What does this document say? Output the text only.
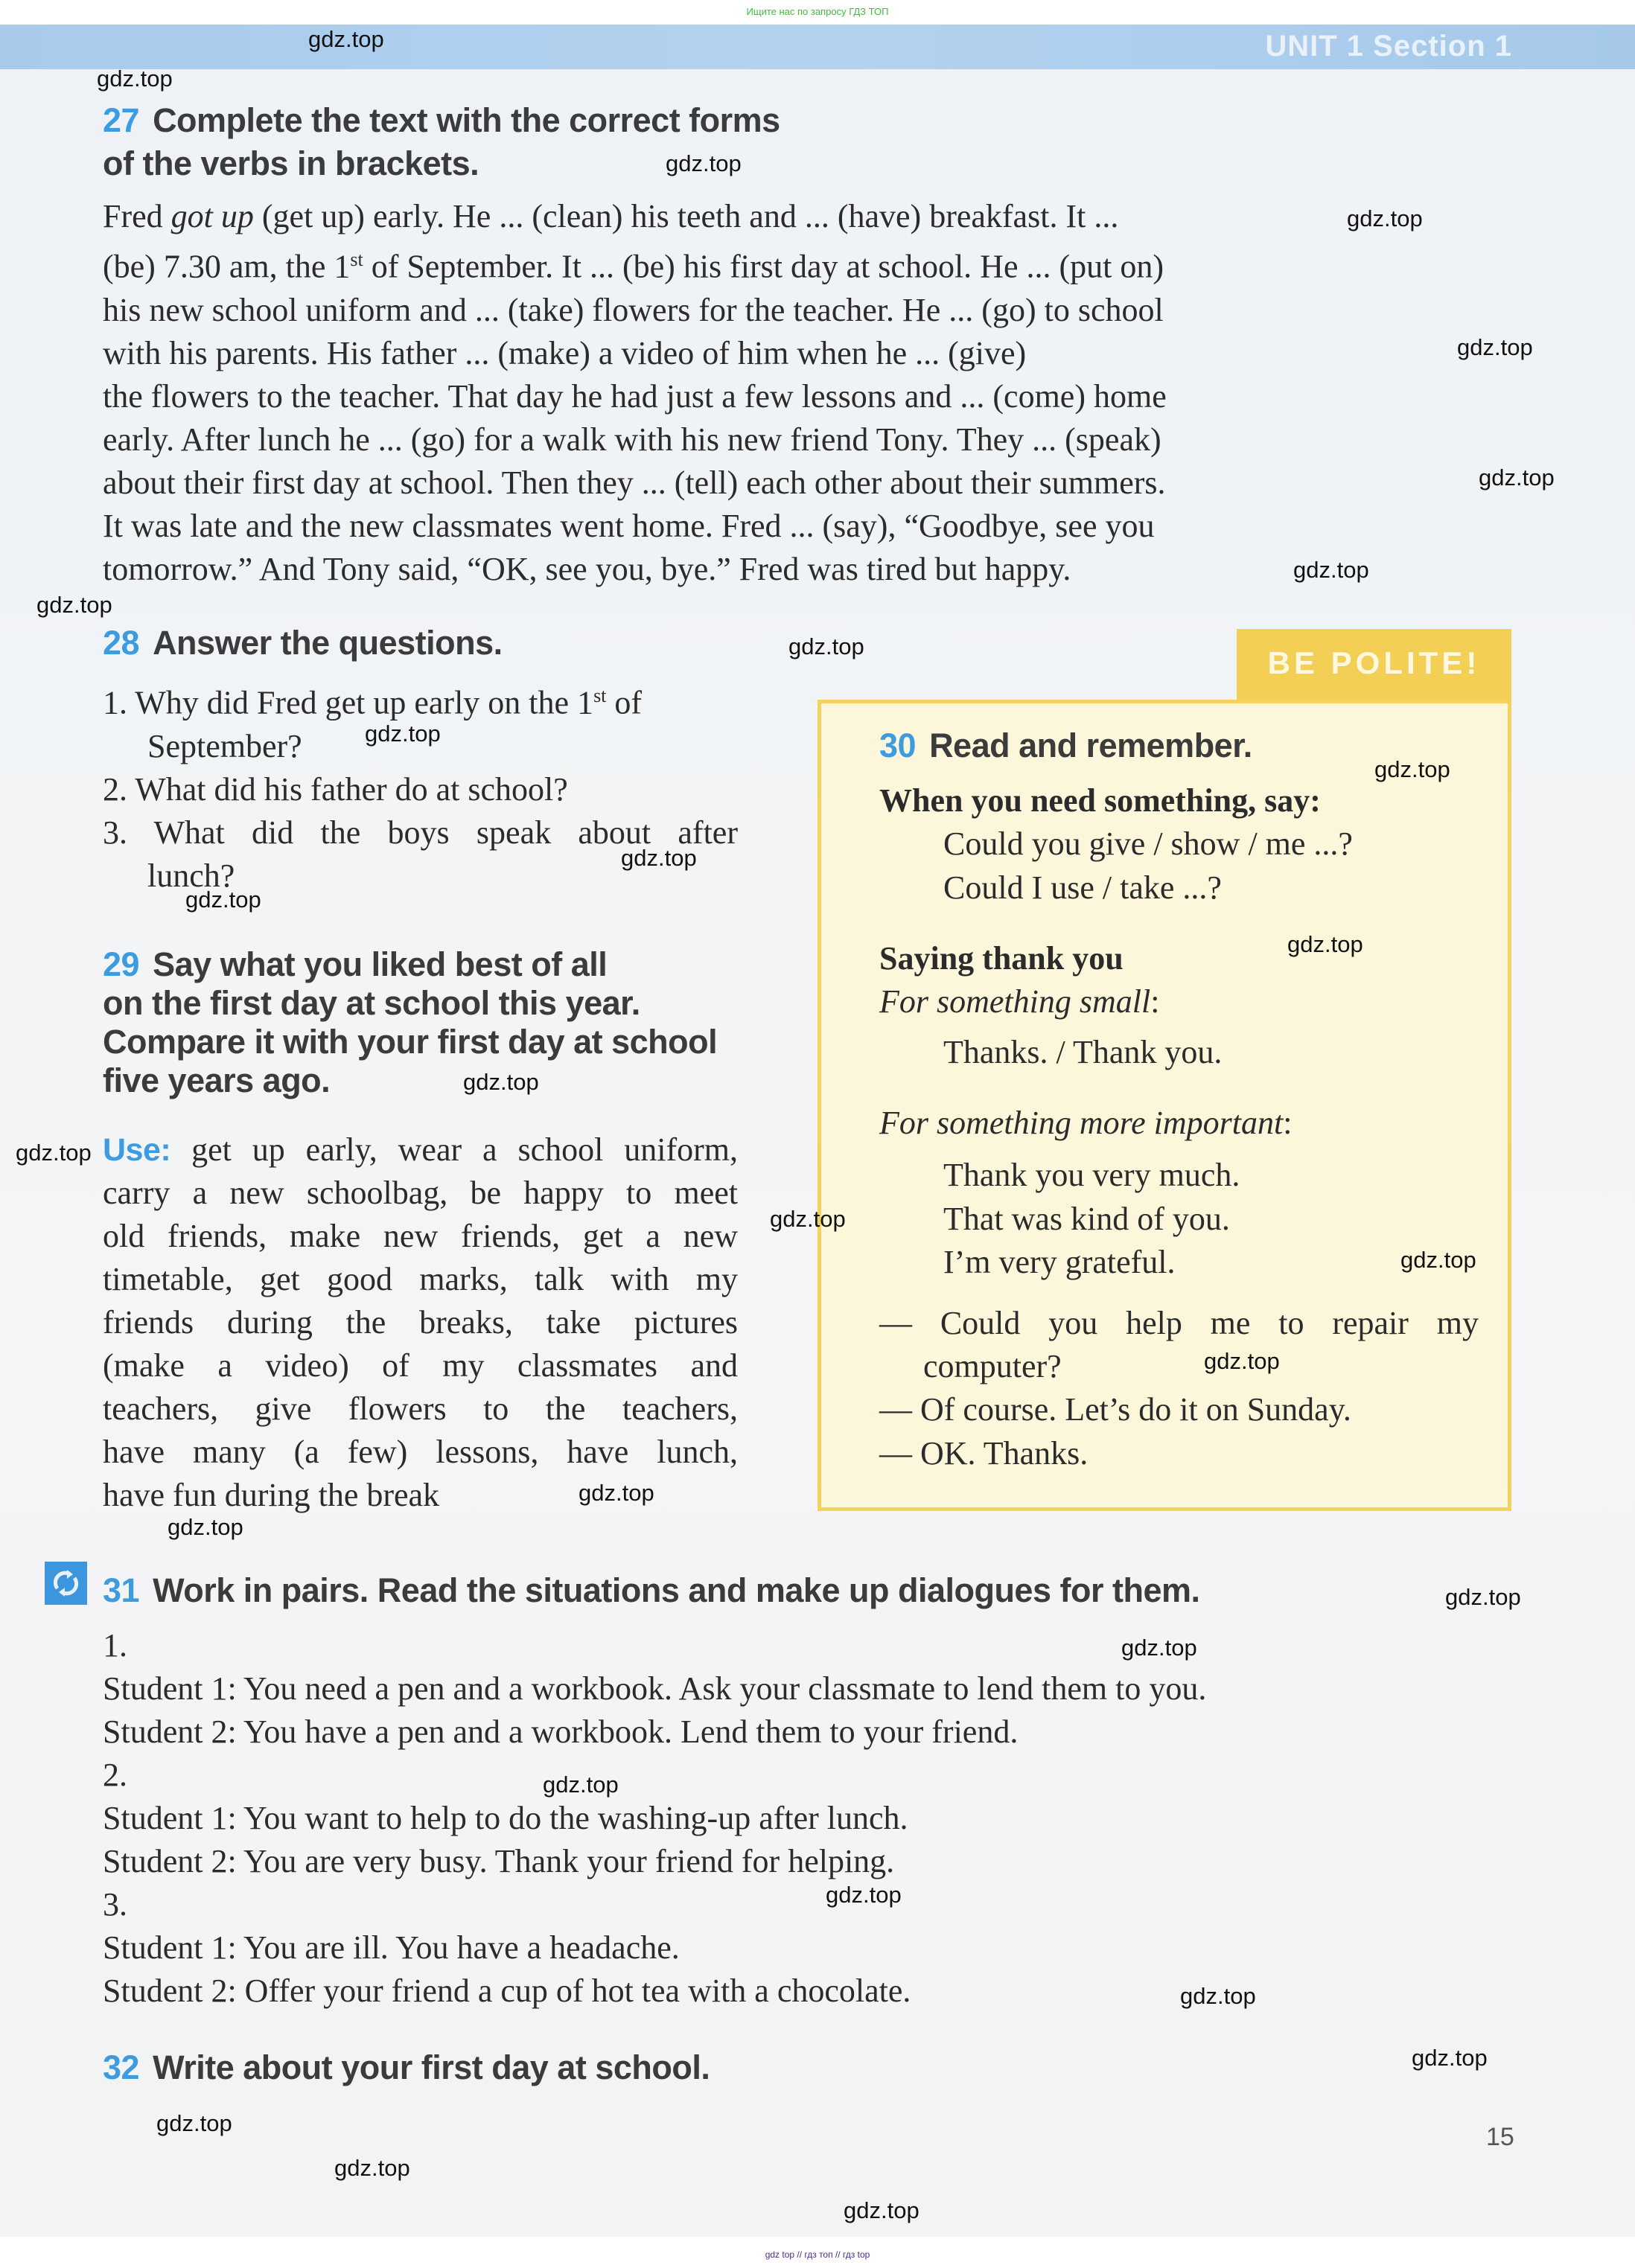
Ищите нас по запросу ГДЗ ТОП
UNIT 1 Section 1
27 Complete the text with the correct forms
of the verbs in brackets.
Fred got up (get up) early. He ... (clean) his teeth and ... (have) breakfast. It ...
(be) 7.30 am, the 1st of September. It ... (be) his first day at school. He ... (put on)
his new school uniform and ... (take) flowers for the teacher. He ... (go) to school
with his parents. His father ... (make) a video of him when he ... (give)
the flowers to the teacher. That day he had just a few lessons and ... (come) home
early. After lunch he ... (go) for a walk with his new friend Tony. They ... (speak)
about their first day at school. Then they ... (tell) each other about their summers.
It was late and the new classmates went home. Fred ... (say), “Goodbye, see you
tomorrow.” And Tony said, “OK, see you, bye.” Fred was tired but happy.
28 Answer the questions.
1. Why did Fred get up early on the 1st of
September?
2. What did his father do at school?
3. What did the boys speak about after
lunch?
29 Say what you liked best of all
on the first day at school this year.
Compare it with your first day at school
five years ago.
Use: get up early, wear a school uniform,
carry a new schoolbag, be happy to meet
old friends, make new friends, get a new
timetable, get good marks, talk with my
friends during the breaks, take pictures
(make a video) of my classmates and
teachers, give flowers to the teachers,
have many (a few) lessons, have lunch,
have fun during the break
BE POLITE!
30 Read and remember.
When you need something, say:
Could you give / show / me ...?
Could I use / take ...?
Saying thank you
For something small:
Thanks. / Thank you.
For something more important:
Thank you very much.
That was kind of you.
I’m very grateful.
— Could you help me to repair my
computer?
— Of course. Let’s do it on Sunday.
— OK. Thanks.
31 Work in pairs. Read the situations and make up dialogues for them.
1.
Student 1: You need a pen and a workbook. Ask your classmate to lend them to you.
Student 2: You have a pen and a workbook. Lend them to your friend.
2.
Student 1: You want to help to do the washing-up after lunch.
Student 2: You are very busy. Thank your friend for helping.
3.
Student 1: You are ill. You have a headache.
Student 2: Offer your friend a cup of hot tea with a chocolate.
32 Write about your first day at school.
15
gdz.top
gdz.top
gdz.top
gdz.top
gdz.top
gdz.top
gdz.top
gdz.top
gdz.top
gdz.top
gdz.top
gdz.top
gdz.top
gdz.top
gdz.top
gdz.top
gdz.top
gdz.top
gdz.top
gdz.top
gdz.top
gdz.top
gdz.top
gdz.top
gdz.top
gdz.top
gdz.top
gdz.top
gdz.top
gdz.top
gdz top // гдз топ // гдз top
